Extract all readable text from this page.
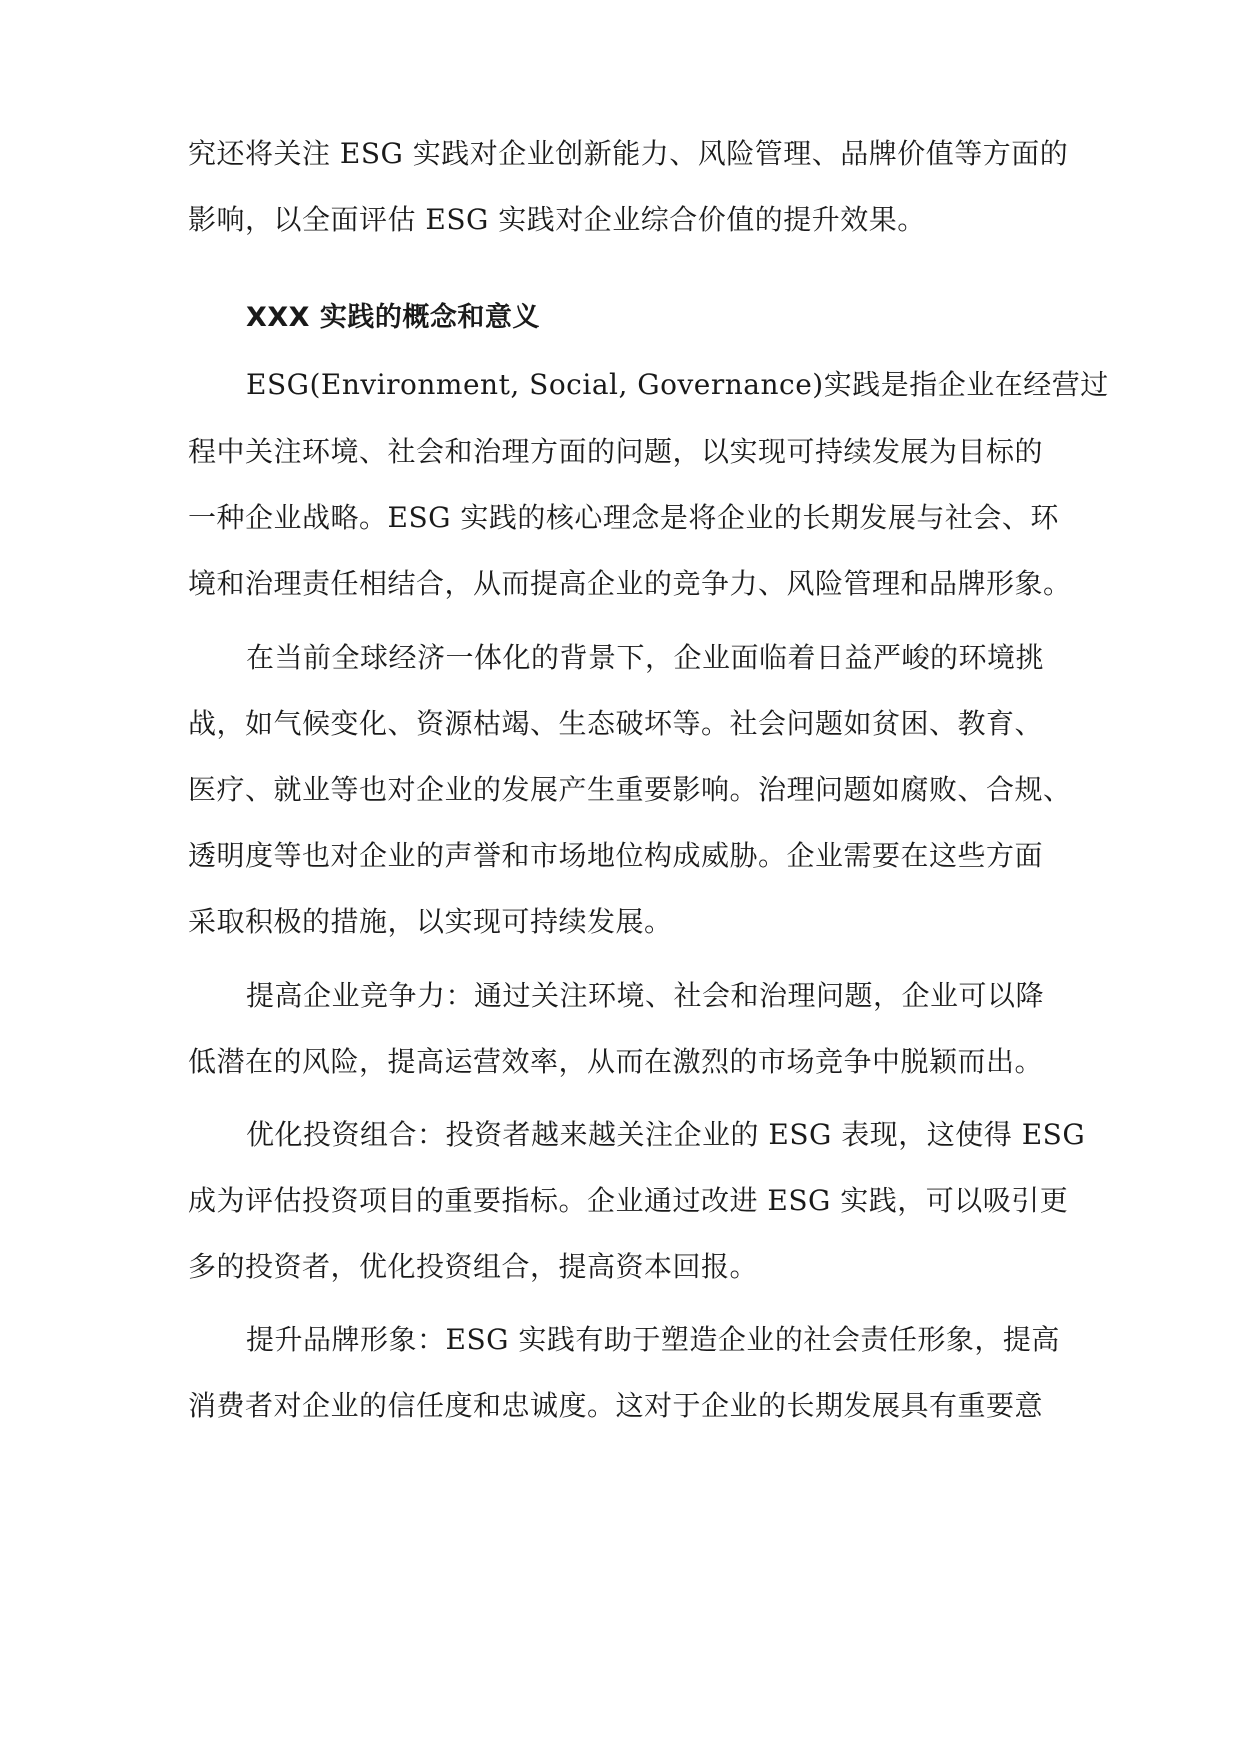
究还将关注 ESG 实践对企业创新能力、风险管理、品牌价值等方面的
影响，以全面评估 ESG 实践对企业综合价值的提升效果。
XXX 实践的概念和意义
ESG(Environment, Social, Governance)实践是指企业在经营过
程中关注环境、社会和治理方面的问题，以实现可持续发展为目标的
一种企业战略。ESG 实践的核心理念是将企业的长期发展与社会、环
境和治理责任相结合，从而提高企业的竞争力、风险管理和品牌形象。
在当前全球经济一体化的背景下，企业面临着日益严峻的环境挑
战，如气候变化、资源枯竭、生态破坏等。社会问题如贫困、教育、
医疗、就业等也对企业的发展产生重要影响。治理问题如腐败、合规、
透明度等也对企业的声誉和市场地位构成威胁。企业需要在这些方面
采取积极的措施，以实现可持续发展。
提高企业竞争力：通过关注环境、社会和治理问题，企业可以降
低潜在的风险，提高运营效率，从而在激烈的市场竞争中脱颖而出。
优化投资组合：投资者越来越关注企业的 ESG 表现，这使得 ESG
成为评估投资项目的重要指标。企业通过改进 ESG 实践，可以吸引更
多的投资者，优化投资组合，提高资本回报。
提升品牌形象：ESG 实践有助于塑造企业的社会责任形象，提高
消费者对企业的信任度和忠诚度。这对于企业的长期发展具有重要意
